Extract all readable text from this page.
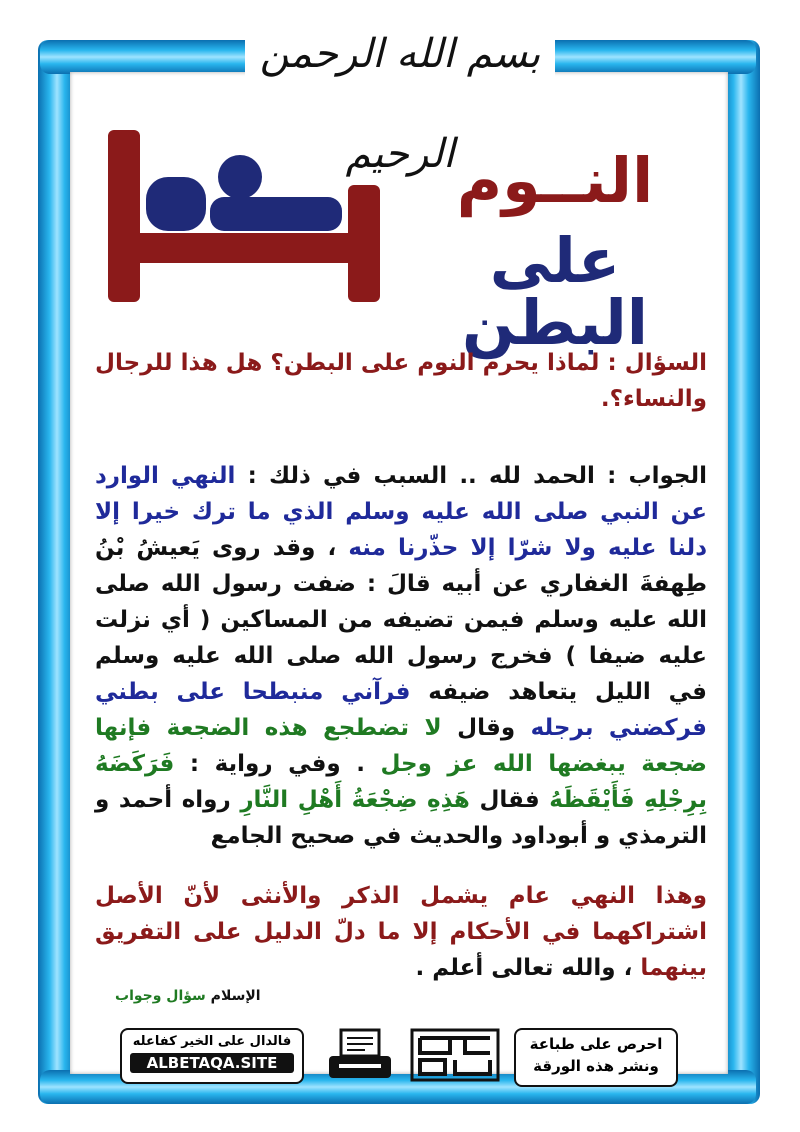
بسم الله الرحمن الرحيم النــوم
على البطن
السؤال : لماذا يحرم النوم على البطن؟ هل هذا للرجال والنساء؟.
الجواب : الحمد لله .. السبب في ذلك : النهي الوارد عن النبي صلى الله عليه وسلم الذي ما ترك خيرا إلا دلنا عليه ولا شرّا إلا حذّرنا منه ، وقد روى يَعيشُ بْنُ طِهفةَ الغفاري عن أبيه قالَ : ضفت رسول الله صلى الله عليه وسلم فيمن تضيفه من المساكين ( أي نزلت عليه ضيفا ) فخرج رسول الله صلى الله عليه وسلم في الليل يتعاهد ضيفه فرآني منبطحا على بطني فركضني برجله وقال لا تضطجع هذه الضجعة فإنها ضجعة يبغضها الله عز وجل . وفي رواية : فَرَكَضَهُ بِرِجْلِهِ فَأَيْقَظَهُ فقال هَذِهِ ضِجْعَةُ أَهْلِ النَّارِ رواه أحمد و الترمذي و أبوداود والحديث في صحيح الجامع
وهذا النهي عام يشمل الذكر والأنثى لأنّ الأصل اشتراكهما في الأحكام إلا ما دلّ الدليل على التفريق بينهما ، والله تعالى أعلم .
الإسلام سؤال وجواب
احرص على طباعة
ونشر هذه الورقة
فالدال على الخير كفاعله
ALBETAQA.SITE
